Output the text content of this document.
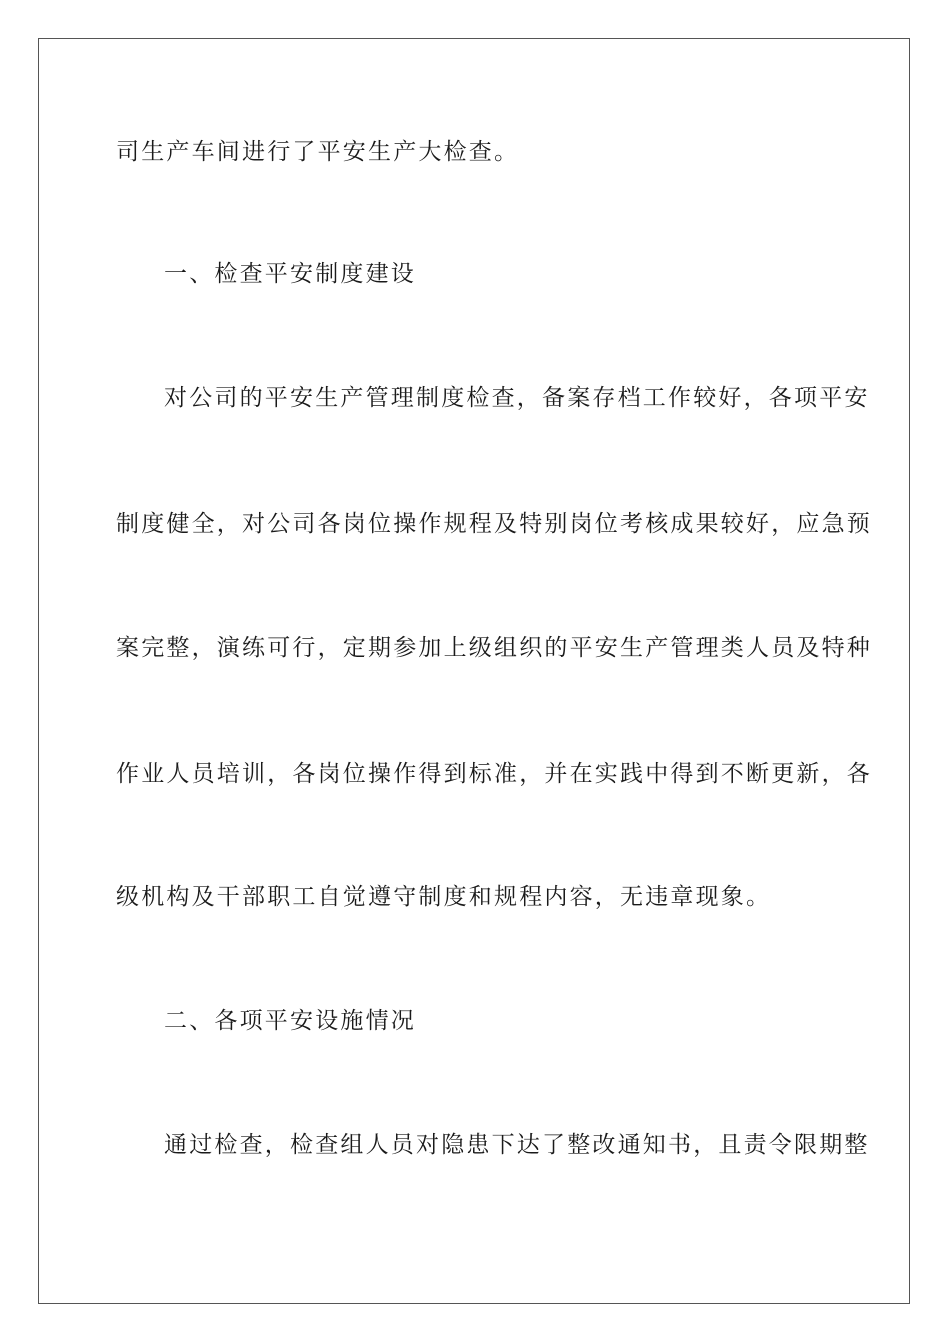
司生产车间进行了平安生产大检查。
一、检查平安制度建设
对公司的平安生产管理制度检查，备案存档工作较好，各项平安
制度健全，对公司各岗位操作规程及特别岗位考核成果较好，应急预
案完整，演练可行，定期参加上级组织的平安生产管理类人员及特种
作业人员培训，各岗位操作得到标准，并在实践中得到不断更新，各
级机构及干部职工自觉遵守制度和规程内容，无违章现象。
二、各项平安设施情况
通过检查，检查组人员对隐患下达了整改通知书，且责令限期整
